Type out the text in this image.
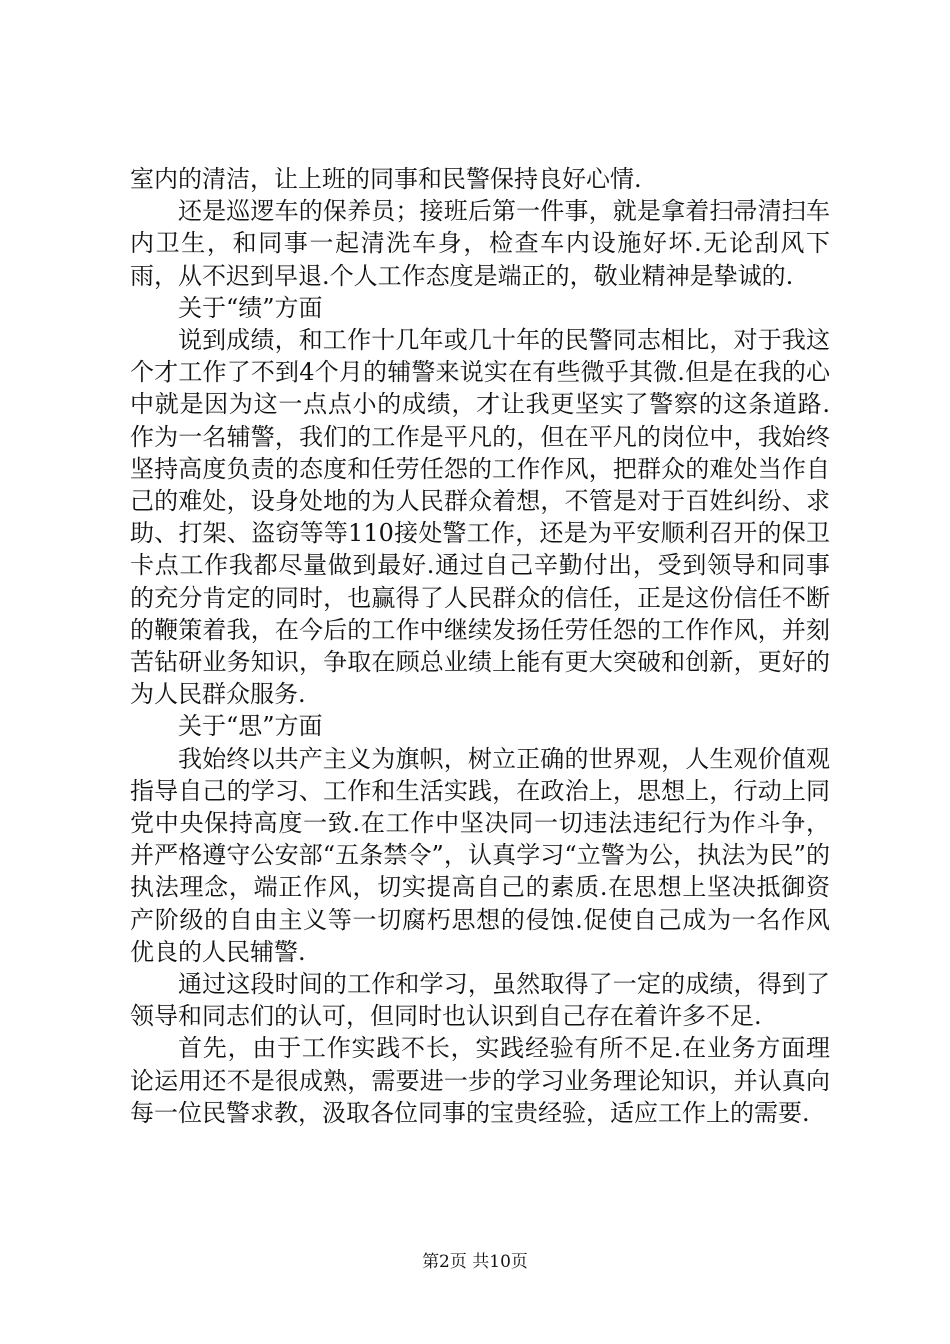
室内的清洁，让上班的同事和民警保持良好心情.

还是巡逻车的保养员；接班后第一件事，就是拿着扫帚清扫车内卫生，和同事一起清洗车身，检查车内设施好坏.无论刮风下雨，从不迟到早退.个人工作态度是端正的，敬业精神是挚诚的.

关于“绩”方面

说到成绩，和工作十几年或几十年的民警同志相比，对于我这个才工作了不到4个月的辅警来说实在有些微乎其微.但是在我的心中就是因为这一点点小的成绩，才让我更坚实了警察的这条道路.作为一名辅警，我们的工作是平凡的，但在平凡的岗位中，我始终坚持高度负责的态度和任劳任怨的工作作风，把群众的难处当作自己的难处，设身处地的为人民群众着想，不管是对于百姓纠纷、求助、打架、盗窃等等110接处警工作，还是为平安顺利召开的保卫卡点工作我都尽量做到最好.通过自己辛勤付出，受到领导和同事的充分肯定的同时，也赢得了人民群众的信任，正是这份信任不断的鞭策着我，在今后的工作中继续发扬任劳任怨的工作作风，并刻苦钻研业务知识，争取在顾总业绩上能有更大突破和创新，更好的为人民群众服务.

关于“思”方面

我始终以共产主义为旗帜，树立正确的世界观，人生观价值观指导自己的学习、工作和生活实践，在政治上，思想上，行动上同党中央保持高度一致.在工作中坚决同一切违法违纪行为作斗争，并严格遵守公安部“五条禁令”，认真学习“立警为公，执法为民”的执法理念，端正作风，切实提高自己的素质.在思想上坚决抵御资产阶级的自由主义等一切腐朽思想的侵蚀.促使自己成为一名作风优良的人民辅警.

通过这段时间的工作和学习，虽然取得了一定的成绩，得到了领导和同志们的认可，但同时也认识到自己存在着许多不足.

首先，由于工作实践不长，实践经验有所不足.在业务方面理论运用还不是很成熟，需要进一步的学习业务理论知识，并认真向每一位民警求教，汲取各位同事的宝贵经验，适应工作上的需要.

第2页 共10页
